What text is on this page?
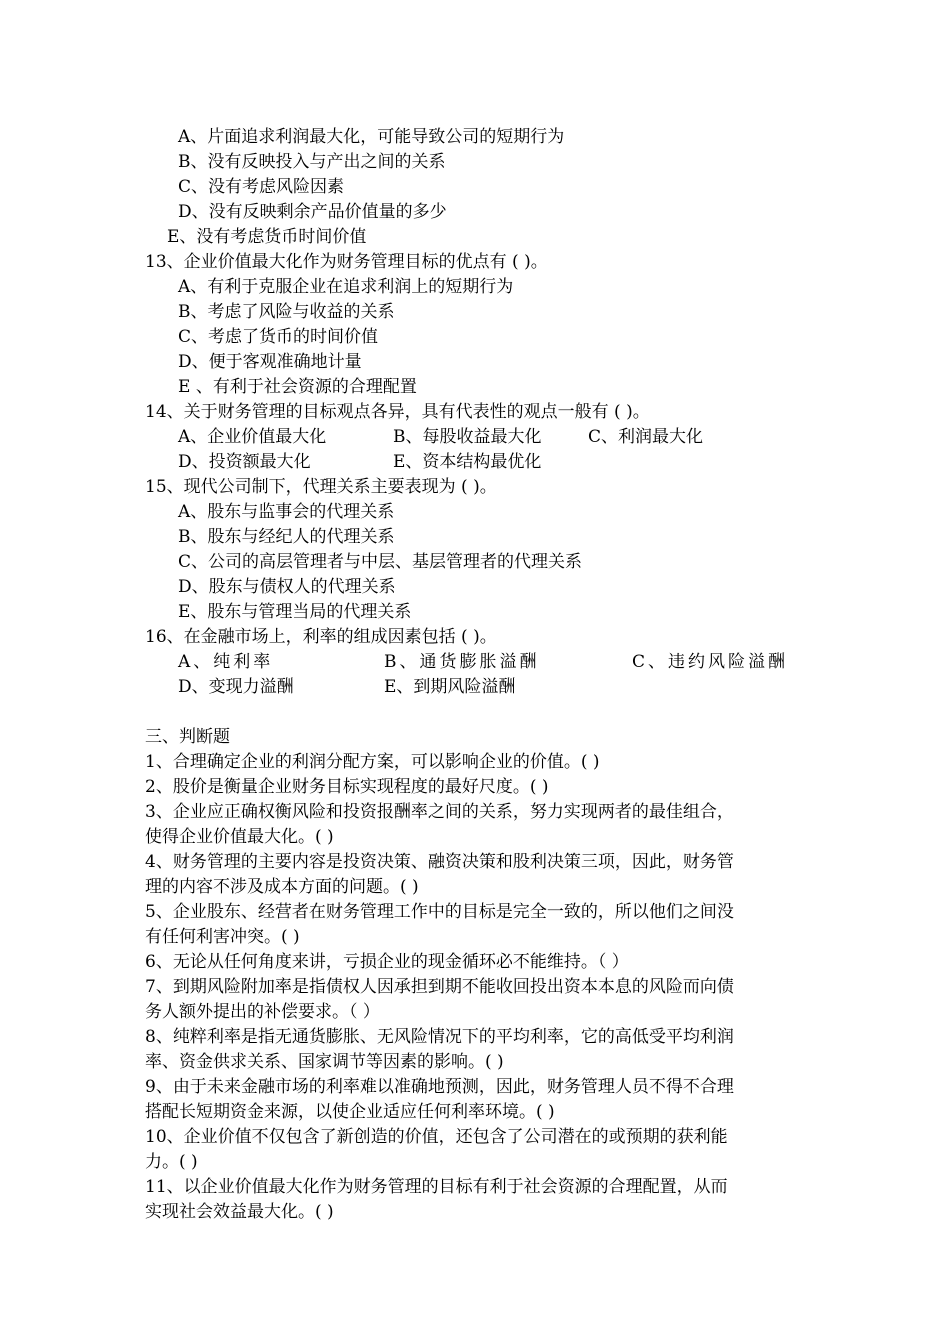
A、片面追求利润最大化，可能导致公司的短期行为
B、没有反映投入与产出之间的关系
C、没有考虑风险因素
D、没有反映剩余产品价值量的多少
E、没有考虑货币时间价值
13、企业价值最大化作为财务管理目标的优点有 ( )。
A、有利于克服企业在追求利润上的短期行为
B、考虑了风险与收益的关系
C、考虑了货币的时间价值
D、便于客观准确地计量
E 、有利于社会资源的合理配置
14、关于财务管理的目标观点各异，具有代表性的观点一般有 ( )。
A、企业价值最大化	B、每股收益最大化	C、利润最大化
D、投资额最大化	E、资本结构最优化
15、现代公司制下，代理关系主要表现为 ( )。
A、股东与监事会的代理关系
B、股东与经纪人的代理关系
C、公司的高层管理者与中层、基层管理者的代理关系
D、股东与债权人的代理关系
E、股东与管理当局的代理关系
16、在金融市场上，利率的组成因素包括 ( )。
A、纯利率	B、通货膨胀溢酬	C、违约风险溢酬
D、变现力溢酬	E、到期风险溢酬
三、判断题
1、合理确定企业的利润分配方案，可以影响企业的价值。( )
2、股价是衡量企业财务目标实现程度的最好尺度。( )
3、企业应正确权衡风险和投资报酬率之间的关系，努力实现两者的最佳组合，
使得企业价值最大化。( )
4、财务管理的主要内容是投资决策、融资决策和股利决策三项，因此，财务管
理的内容不涉及成本方面的问题。( )
5、企业股东、经营者在财务管理工作中的目标是完全一致的，所以他们之间没
有任何利害冲突。( )
6、无论从任何角度来讲，亏损企业的现金循环必不能维持。（ ）
7、到期风险附加率是指债权人因承担到期不能收回投出资本本息的风险而向债
务人额外提出的补偿要求。（ ）
8、纯粹利率是指无通货膨胀、无风险情况下的平均利率，它的高低受平均利润
率、资金供求关系、国家调节等因素的影响。( )
9、由于未来金融市场的利率难以准确地预测，因此，财务管理人员不得不合理
搭配长短期资金来源，以使企业适应任何利率环境。( )
10、企业价值不仅包含了新创造的价值，还包含了公司潜在的或预期的获利能
力。( )
11、以企业价值最大化作为财务管理的目标有利于社会资源的合理配置，从而
实现社会效益最大化。( )
